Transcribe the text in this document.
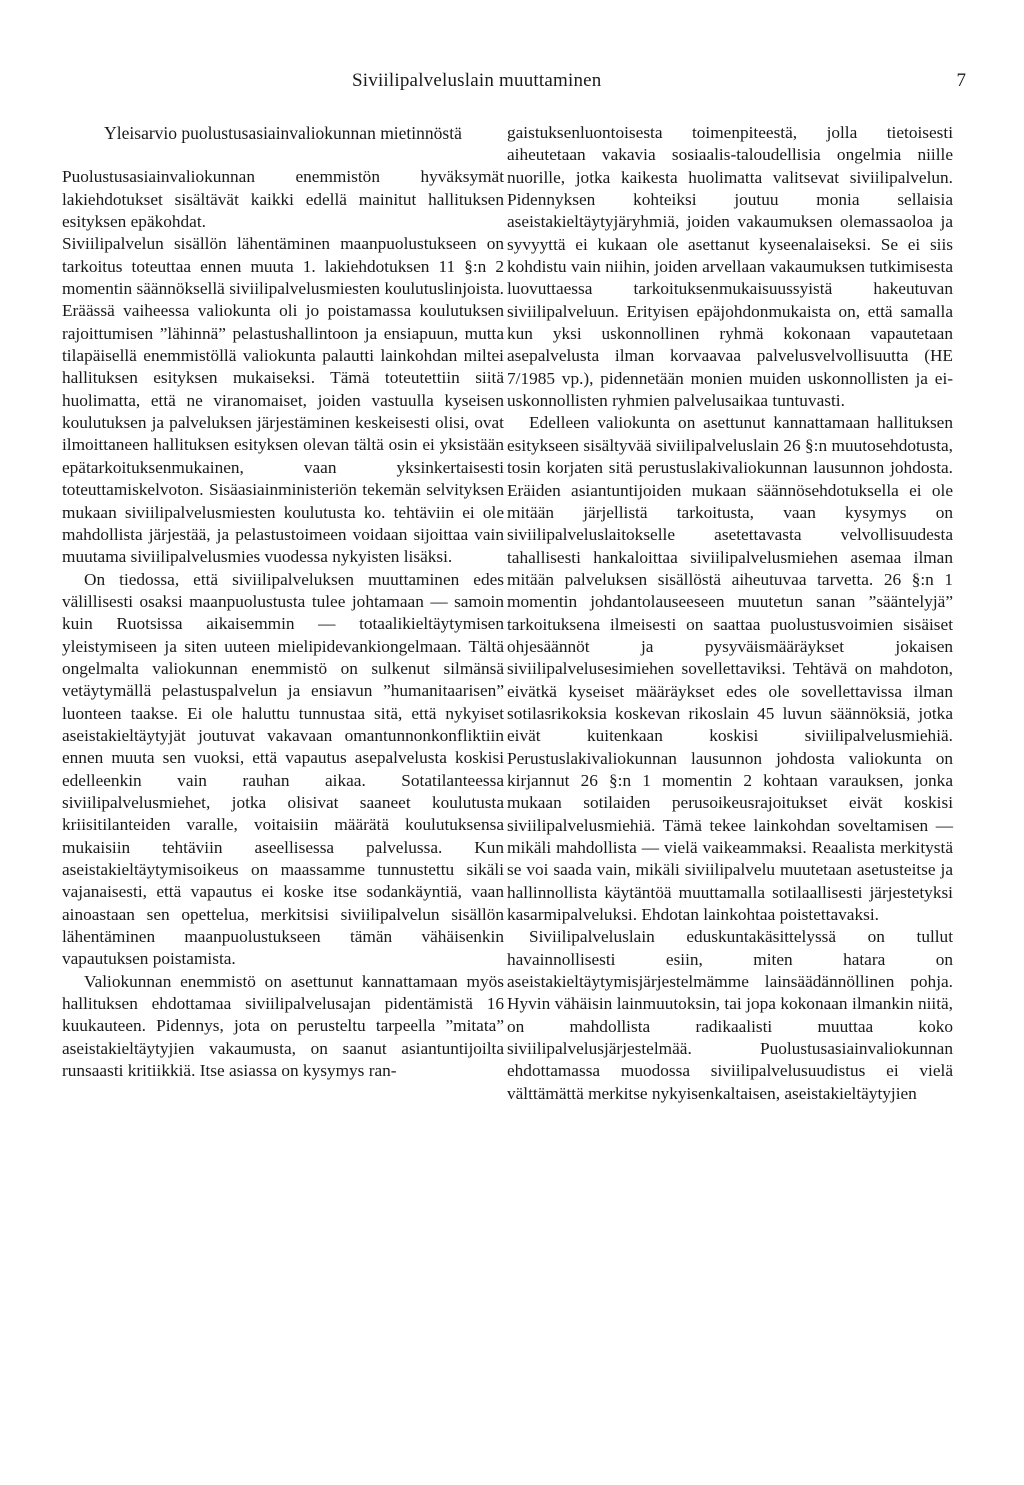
Siviilipalveluslain muuttaminen	7
Yleisarvio puolustusasiainvaliokunnan mietinnöstä

Puolustusasiainvaliokunnan enemmistön hyväksymät lakiehdotukset sisältävät kaikki edellä mainitut hallituksen esityksen epäkohdat.

Siviilipalvelun sisällön lähentäminen maanpuolustukseen on tarkoitus toteuttaa ennen muuta 1. lakiehdotuksen 11 §:n 2 momentin säännöksellä siviilipalvelusmiesten koulutuslinjoista. Eräässä vaiheessa valiokunta oli jo poistamassa koulutuksen rajoittumisen ”lähinnä” pelastushallintoon ja ensiapuun, mutta tilapäisellä enemmistöllä valiokunta palautti lainkohdan miltei hallituksen esityksen mukaiseksi. Tämä toteutettiin siitä huolimatta, että ne viranomaiset, joiden vastuulla kyseisen koulutuksen ja palveluksen järjestäminen keskeisesti olisi, ovat ilmoittaneen hallituksen esityksen olevan tältä osin ei yksistään epätarkoituksenmukainen, vaan yksinkertaisesti toteuttamiskelvoton. Sisäasiainministeriön tekemän selvityksen mukaan siviilipalvelusmiesten koulutusta ko. tehtäviin ei ole mahdollista järjestää, ja pelastustoimeen voidaan sijoittaa vain muutama siviilipalvelusmies vuodessa nykyisten lisäksi.

On tiedossa, että siviilipalveluksen muuttaminen edes välillisesti osaksi maanpuolustusta tulee johtamaan — samoin kuin Ruotsissa aikaisemmin — totaalikieltäytymisen yleistymiseen ja siten uuteen mielipidevankiongelmaan. Tältä ongelmalta valiokunnan enemmistö on sulkenut silmänsä vetäytymällä pelastuspalvelun ja ensiavun ”humanitaarisen” luonteen taakse. Ei ole haluttu tunnustaa sitä, että nykyiset aseistakieltäytyjät joutuvat vakavaan omantunnonkonfliktiin ennen muuta sen vuoksi, että vapautus asepalvelusta koskisi edelleenkin vain rauhan aikaa. Sotatilanteessa siviilipalvelusmiehet, jotka olisivat saaneet koulutusta kriisitilanteiden varalle, voitaisiin määrätä koulutuksensa mukaisiin tehtäviin aseellisessa palvelussa. Kun aseistakieltäytymisoikeus on maassamme tunnustettu sikäli vajanaisesti, että vapautus ei koske itse sodankäyntiä, vaan ainoastaan sen opettelua, merkitsisi siviilipalvelun sisällön lähentäminen maanpuolustukseen tämän vähäisenkin vapautuksen poistamista.

Valiokunnan enemmistö on asettunut kannattamaan myös hallituksen ehdottamaa siviilipalvelusajan pidentämistä 16 kuukauteen. Pidennys, jota on perusteltu tarpeella ”mitata” aseistakieltäytyjien vakaumusta, on saanut asiantuntijoilta runsaasti kritiikkiä. Itse asiassa on kysymys ran-

gaistuksenluontoisesta toimenpiteestä, jolla tietoisesti aiheutetaan vakavia sosiaalis-taloudellisia ongelmia niille nuorille, jotka kaikesta huolimatta valitsevat siviilipalvelun. Pidennyksen kohteiksi joutuu monia sellaisia aseistakieltäytyjäryhmiä, joiden vakaumuksen olemassaoloa ja syvyyttä ei kukaan ole asettanut kyseenalaiseksi. Se ei siis kohdistu vain niihin, joiden arvellaan vakaumuksen tutkimisesta luovuttaessa tarkoituksenmukaisuussyistä hakeutuvan siviilipalveluun. Erityisen epäjohdonmukaista on, että samalla kun yksi uskonnollinen ryhmä kokonaan vapautetaan asepalvelusta ilman korvaavaa palvelusvelvollisuutta (HE 7/1985 vp.), pidennetään monien muiden uskonnollisten ja ei-uskonnollisten ryhmien palvelusaikaa tuntuvasti.

Edelleen valiokunta on asettunut kannattamaan hallituksen esitykseen sisältyvää siviilipalveluslain 26 §:n muutosehdotusta, tosin korjaten sitä perustuslakivaliokunnan lausunnon johdosta. Eräiden asiantuntijoiden mukaan säännösehdotuksella ei ole mitään järjellistä tarkoitusta, vaan kysymys on siviilipalveluslaitokselle asetettavasta velvollisuudesta tahallisesti hankaloittaa siviilipalvelusmiehen asemaa ilman mitään palveluksen sisällöstä aiheutuvaa tarvetta. 26 §:n 1 momentin johdantolauseeseen muutetun sanan ”sääntelyjä” tarkoituksena ilmeisesti on saattaa puolustusvoimien sisäiset ohjesäännöt ja pysyväismääräykset jokaisen siviilipalvelusesimiehen sovellettaviksi. Tehtävä on mahdoton, eivätkä kyseiset määräykset edes ole sovellettavissa ilman sotilasrikoksia koskevan rikoslain 45 luvun säännöksiä, jotka eivät kuitenkaan koskisi siviilipalvelusmiehiä. Perustuslakivaliokunnan lausunnon johdosta valiokunta on kirjannut 26 §:n 1 momentin 2 kohtaan varauksen, jonka mukaan sotilaiden perusoikeusrajoitukset eivät koskisi siviilipalvelusmiehiä. Tämä tekee lainkohdan soveltamisen — mikäli mahdollista — vielä vaikeammaksi. Reaalista merkitystä se voi saada vain, mikäli siviilipalvelu muutetaan asetusteitse ja hallinnollista käytäntöä muuttamalla sotilaallisesti järjestetyksi kasarmipalveluksi. Ehdotan lainkohtaa poistettavaksi.

Siviilipalveluslain eduskuntakäsittelyssä on tullut havainnollisesti esiin, miten hatara on aseistakieltäytymisjärjestelmämme lainsäädännöllinen pohja. Hyvin vähäisin lainmuutoksin, tai jopa kokonaan ilmankin niitä, on mahdollista radikaalisti muuttaa koko siviilipalvelusjärjestelmää. Puolustusasiainvaliokunnan ehdottamassa muodossa siviilipalvelusuudistus ei vielä välttämättä merkitse nykyisenkaltaisen, aseistakieltäytyjien
